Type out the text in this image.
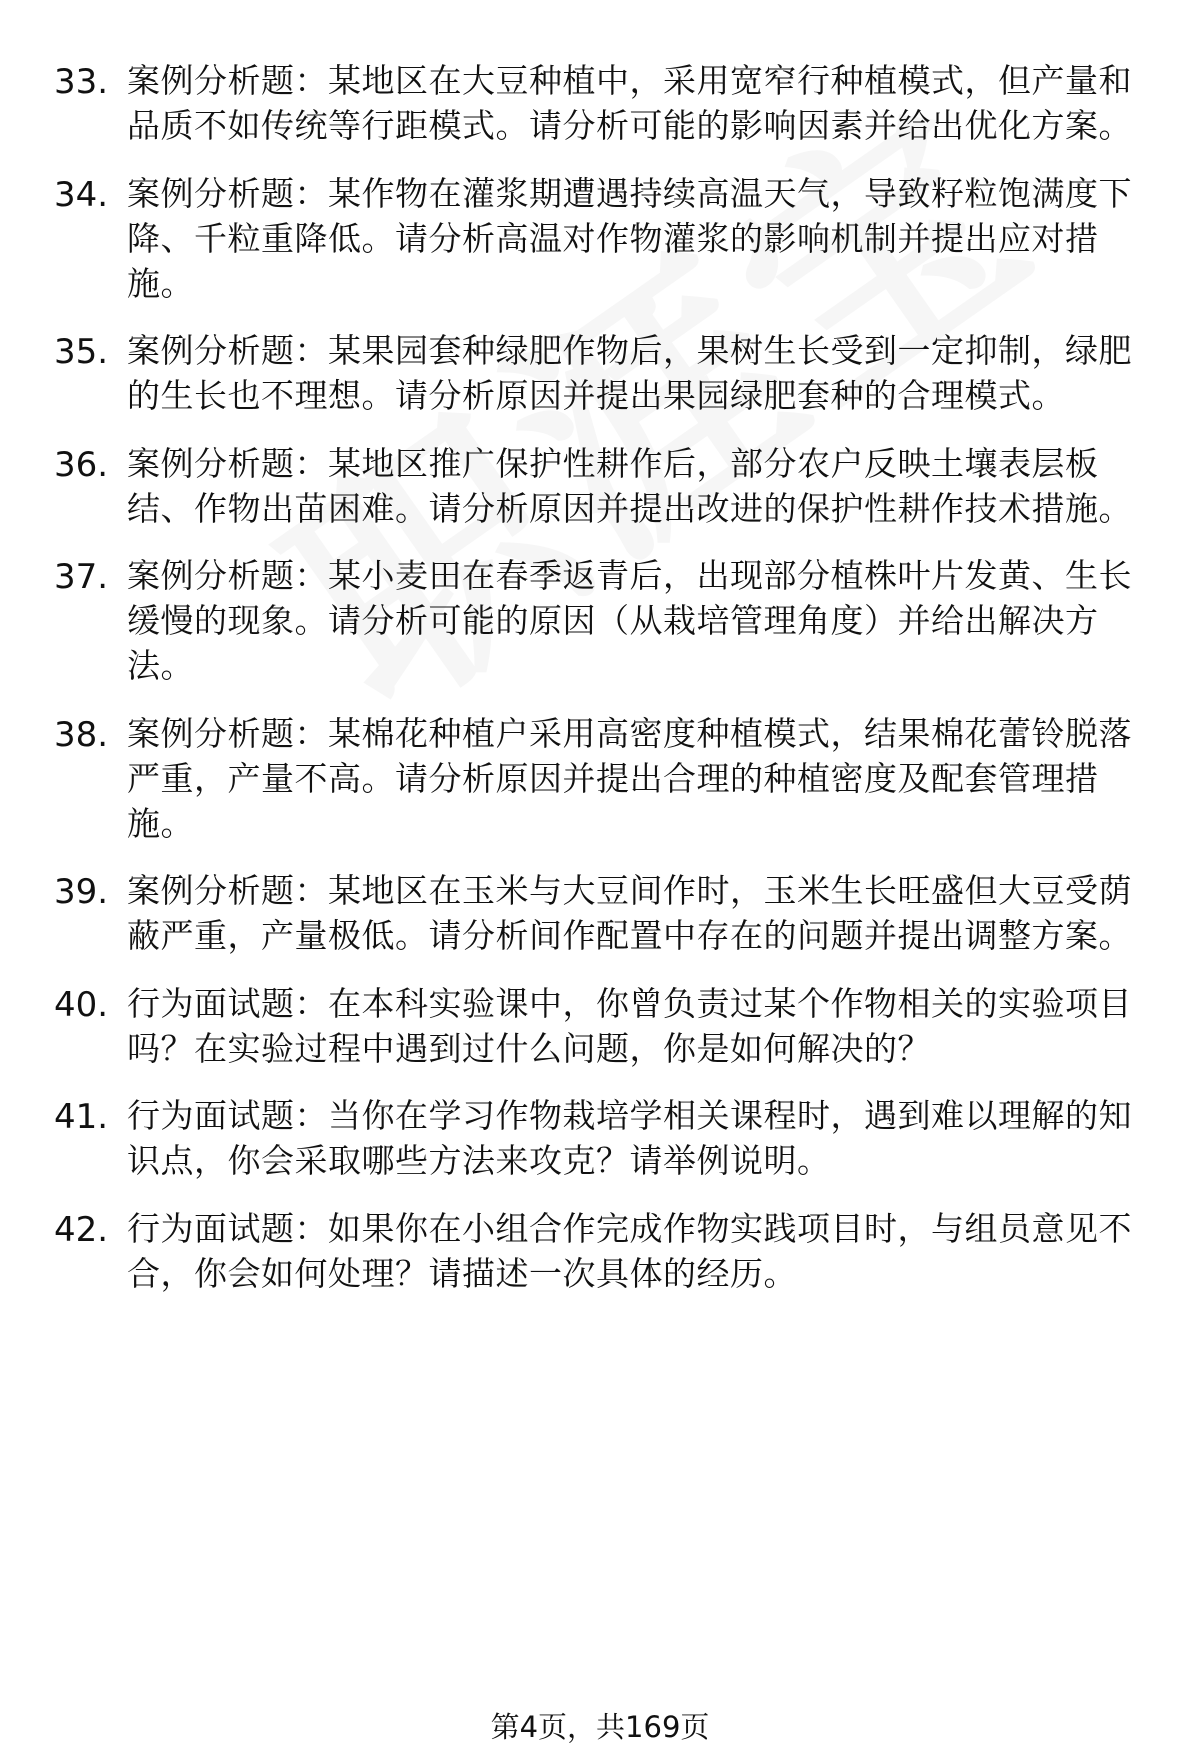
33. 案例分析题：某地区在大豆种植中，采用宽窄行种植模式，但产量和品质不如传统等行距模式。请分析可能的影响因素并给出优化方案。
34. 案例分析题：某作物在灌浆期遭遇持续高温天气，导致籽粒饱满度下降、千粒重降低。请分析高温对作物灌浆的影响机制并提出应对措施。
35. 案例分析题：某果园套种绿肥作物后，果树生长受到一定抑制，绿肥的生长也不理想。请分析原因并提出果园绿肥套种的合理模式。
36. 案例分析题：某地区推广保护性耕作后，部分农户反映土壤表层板结、作物出苗困难。请分析原因并提出改进的保护性耕作技术措施。
37. 案例分析题：某小麦田在春季返青后，出现部分植株叶片发黄、生长缓慢的现象。请分析可能的原因（从栽培管理角度）并给出解决方法。
38. 案例分析题：某棉花种植户采用高密度种植模式，结果棉花蕾铃脱落严重，产量不高。请分析原因并提出合理的种植密度及配套管理措施。
39. 案例分析题：某地区在玉米与大豆间作时，玉米生长旺盛但大豆受荫蔽严重，产量极低。请分析间作配置中存在的问题并提出调整方案。
40. 行为面试题：在本科实验课中，你曾负责过某个作物相关的实验项目吗？在实验过程中遇到过什么问题，你是如何解决的？
41. 行为面试题：当你在学习作物栽培学相关课程时，遇到难以理解的知识点，你会采取哪些方法来攻克？请举例说明。
42. 行为面试题：如果你在小组合作完成作物实践项目时，与组员意见不合，你会如何处理？请描述一次具体的经历。
第4页，共169页
